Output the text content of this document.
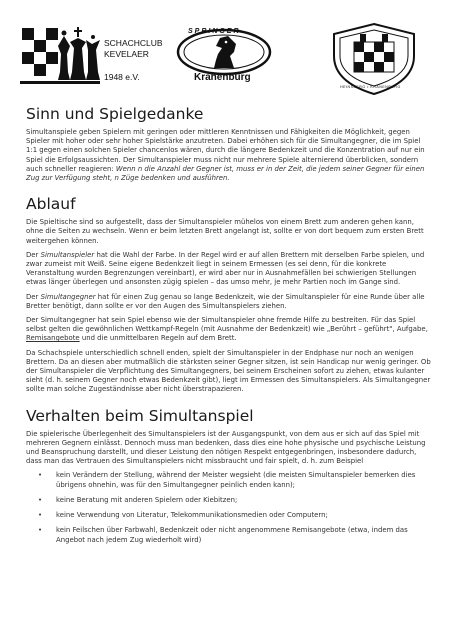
SCHACHCLUB
KEVELAER
1948 e.V.
SPRINGER
Kranenburg
HEINSBERG • KRANENBURG
Sinn und Spielgedanke

Simultanspiele geben Spielern mit geringen oder mittleren Kenntnissen und Fähigkeiten die Möglichkeit, gegen Spieler mit hoher oder sehr hoher Spielstärke anzutreten. Dabei erhöhen sich für die Simultangegner, die im Spiel 1:1 gegen einen solchen Spieler chancenlos wären, durch die längere Bedenkzeit und die Konzentration auf nur ein Spiel die Erfolgsaussichten. Der Simultanspieler muss nicht nur mehrere Spiele alternierend überblicken, sondern auch schneller reagieren: Wenn n die Anzahl der Gegner ist, muss er in der Zeit, die jedem seiner Gegner für einen Zug zur Verfügung steht, n Züge bedenken und ausführen.

Ablauf

Die Spieltische sind so aufgestellt, dass der Simultanspieler mühelos von einem Brett zum anderen gehen kann, ohne die Seiten zu wechseln. Wenn er beim letzten Brett angelangt ist, sollte er von dort bequem zum ersten Brett weitergehen können.

Der Simultanspieler hat die Wahl der Farbe. In der Regel wird er auf allen Brettern mit derselben Farbe spielen, und zwar zumeist mit Weiß. Seine eigene Bedenkzeit liegt in seinem Ermessen (es sei denn, für die konkrete Veranstaltung wurden Begrenzungen vereinbart), er wird aber nur in Ausnahmefällen bei schwierigen Stellungen etwas länger überlegen und ansonsten zügig spielen – das umso mehr, je mehr Partien noch im Gange sind.

Der Simultangegner hat für einen Zug genau so lange Bedenkzeit, wie der Simultanspieler für eine Runde über alle Bretter benötigt, dann sollte er vor den Augen des Simultanspielers ziehen.

Der Simultangegner hat sein Spiel ebenso wie der Simultanspieler ohne fremde Hilfe zu bestreiten. Für das Spiel selbst gelten die gewöhnlichen Wettkampf-Regeln (mit Ausnahme der Bedenkzeit) wie „Berührt – geführt", Aufgabe, Remisangebote und die unmittelbaren Regeln auf dem Brett.

Da Schachspiele unterschiedlich schnell enden, spielt der Simultanspieler in der Endphase nur noch an wenigen Brettern. Da an diesen aber mutmaßlich die stärksten seiner Gegner sitzen, ist sein Handicap nur wenig geringer. Ob der Simultanspieler die Verpflichtung des Simultangegners, bei seinem Erscheinen sofort zu ziehen, etwas kulanter sieht (d. h. seinem Gegner noch etwas Bedenkzeit gibt), liegt im Ermessen des Simultanspielers. Als Simultangegner sollte man solche Zugeständnisse aber nicht überstrapazieren.

Verhalten beim Simultanspiel

Die spielerische Überlegenheit des Simultanspielers ist der Ausgangspunkt, von dem aus er sich auf das Spiel mit mehreren Gegnern einlässt. Dennoch muss man bedenken, dass dies eine hohe physische und psychische Leistung und Beanspruchung darstellt, und dieser Leistung den nötigen Respekt entgegenbringen, insbesondere dadurch, dass man das Vertrauen des Simultanspielers nicht missbraucht und fair spielt, d. h. zum Beispiel

• kein Verändern der Stellung, während der Meister wegsieht (die meisten Simultanspieler bemerken dies übrigens ohnehin, was für den Simultangegner peinlich enden kann);
• keine Beratung mit anderen Spielern oder Kiebitzen;
• keine Verwendung von Literatur, Telekommunikationsmedien oder Computern;
• kein Feilschen über Farbwahl, Bedenkzeit oder nicht angenommene Remisangebote (etwa, indem das Angebot nach jedem Zug wiederholt wird)
